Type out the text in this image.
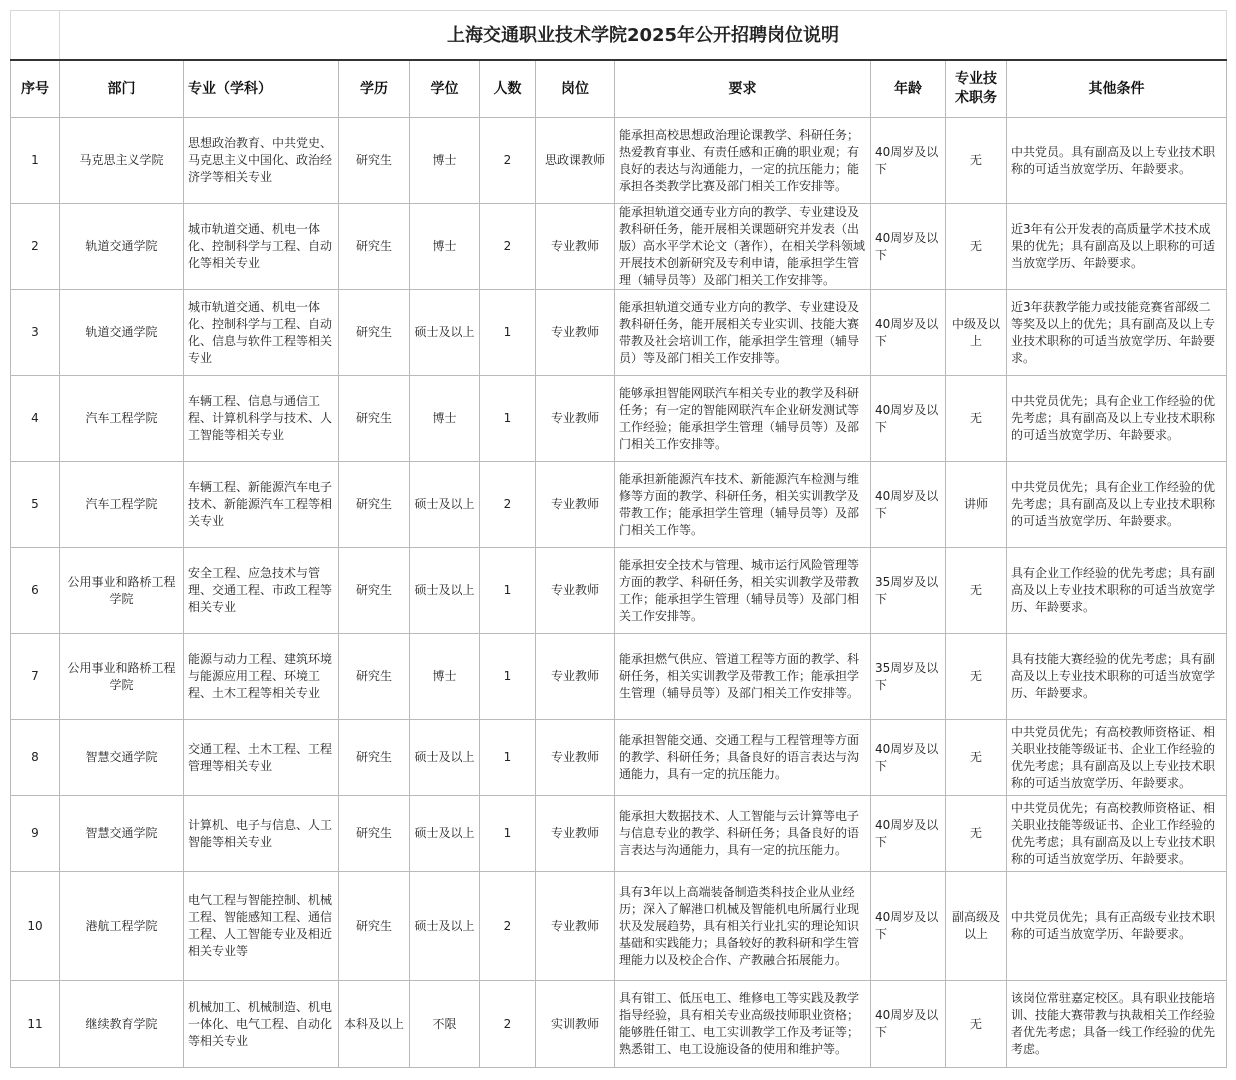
	上海交通职业技术学院2025年公开招聘岗位说明									
序号	部门	专业（学科）	学历	学位	人数	岗位	要求	年龄	专业技术职务	其他条件
1	马克思主义学院	思想政治教育、中共党史、马克思主义中国化、政治经济学等相关专业	研究生	博士	2	思政课教师	能承担高校思想政治理论课教学、科研任务；热爱教育事业、有责任感和正确的职业观；有良好的表达与沟通能力，一定的抗压能力；能承担各类教学比赛及部门相关工作安排等。	40周岁及以下	无	中共党员。具有副高及以上专业技术职称的可适当放宽学历、年龄要求。
2	轨道交通学院	城市轨道交通、机电一体化、控制科学与工程、自动化等相关专业	研究生	博士	2	专业教师	能承担轨道交通专业方向的教学、专业建设及教科研任务，能开展相关课题研究并发表（出版）高水平学术论文（著作），在相关学科领域开展技术创新研究及专利申请，能承担学生管理（辅导员等）及部门相关工作安排等。	40周岁及以下	无	近3年有公开发表的高质量学术技术成果的优先；具有副高及以上职称的可适当放宽学历、年龄要求。
3	轨道交通学院	城市轨道交通、机电一体化、控制科学与工程、自动化、信息与软件工程等相关专业	研究生	硕士及以上	1	专业教师	能承担轨道交通专业方向的教学、专业建设及教科研任务，能开展相关专业实训、技能大赛带教及社会培训工作，能承担学生管理（辅导员）等及部门相关工作安排等。	40周岁及以下	中级及以上	近3年获教学能力或技能竞赛省部级二等奖及以上的优先；具有副高及以上专业技术职称的可适当放宽学历、年龄要求。
4	汽车工程学院	车辆工程、信息与通信工程、计算机科学与技术、人工智能等相关专业	研究生	博士	1	专业教师	能够承担智能网联汽车相关专业的教学及科研任务；有一定的智能网联汽车企业研发测试等工作经验；能承担学生管理（辅导员等）及部门相关工作安排等。	40周岁及以下	无	中共党员优先；具有企业工作经验的优先考虑；具有副高及以上专业技术职称的可适当放宽学历、年龄要求。
5	汽车工程学院	车辆工程、新能源汽车电子技术、新能源汽车工程等相关专业	研究生	硕士及以上	2	专业教师	能承担新能源汽车技术、新能源汽车检测与维修等方面的教学、科研任务，相关实训教学及带教工作；能承担学生管理（辅导员等）及部门相关工作等。	40周岁及以下	讲师	中共党员优先；具有企业工作经验的优先考虑；具有副高及以上专业技术职称的可适当放宽学历、年龄要求。
6	公用事业和路桥工程学院	安全工程、应急技术与管理、交通工程、市政工程等相关专业	研究生	硕士及以上	1	专业教师	能承担安全技术与管理、城市运行风险管理等方面的教学、科研任务，相关实训教学及带教工作；能承担学生管理（辅导员等）及部门相关工作安排等。	35周岁及以下	无	具有企业工作经验的优先考虑；具有副高及以上专业技术职称的可适当放宽学历、年龄要求。
7	公用事业和路桥工程学院	能源与动力工程、建筑环境与能源应用工程、环境工程、土木工程等相关专业	研究生	博士	1	专业教师	能承担燃气供应、管道工程等方面的教学、科研任务，相关实训教学及带教工作；能承担学生管理（辅导员等）及部门相关工作安排等。	35周岁及以下	无	具有技能大赛经验的优先考虑；具有副高及以上专业技术职称的可适当放宽学历、年龄要求。
8	智慧交通学院	交通工程、土木工程、工程管理等相关专业	研究生	硕士及以上	1	专业教师	能承担智能交通、交通工程与工程管理等方面的教学、科研任务；具备良好的语言表达与沟通能力，具有一定的抗压能力。	40周岁及以下	无	中共党员优先；有高校教师资格证、相关职业技能等级证书、企业工作经验的优先考虑；具有副高及以上专业技术职称的可适当放宽学历、年龄要求。
9	智慧交通学院	计算机、电子与信息、人工智能等相关专业	研究生	硕士及以上	1	专业教师	能承担大数据技术、人工智能与云计算等电子与信息专业的教学、科研任务；具备良好的语言表达与沟通能力，具有一定的抗压能力。	40周岁及以下	无	中共党员优先；有高校教师资格证、相关职业技能等级证书、企业工作经验的优先考虑；具有副高及以上专业技术职称的可适当放宽学历、年龄要求。
10	港航工程学院	电气工程与智能控制、机械工程、智能感知工程、通信工程、人工智能专业及相近相关专业等	研究生	硕士及以上	2	专业教师	具有3年以上高端装备制造类科技企业从业经历；深入了解港口机械及智能机电所属行业现状及发展趋势，具有相关行业扎实的理论知识基础和实践能力；具备较好的教科研和学生管理能力以及校企合作、产教融合拓展能力。	40周岁及以下	副高级及以上	中共党员优先；具有正高级专业技术职称的可适当放宽学历、年龄要求。
11	继续教育学院	机械加工、机械制造、机电一体化、电气工程、自动化等相关专业	本科及以上	不限	2	实训教师	具有钳工、低压电工、维修电工等实践及教学指导经验，具有相关专业高级技师职业资格；能够胜任钳工、电工实训教学工作及考证等；熟悉钳工、电工设施设备的使用和维护等。	40周岁及以下	无	该岗位常驻嘉定校区。具有职业技能培训、技能大赛带教与执裁相关工作经验者优先考虑；具备一线工作经验的优先考虑。
